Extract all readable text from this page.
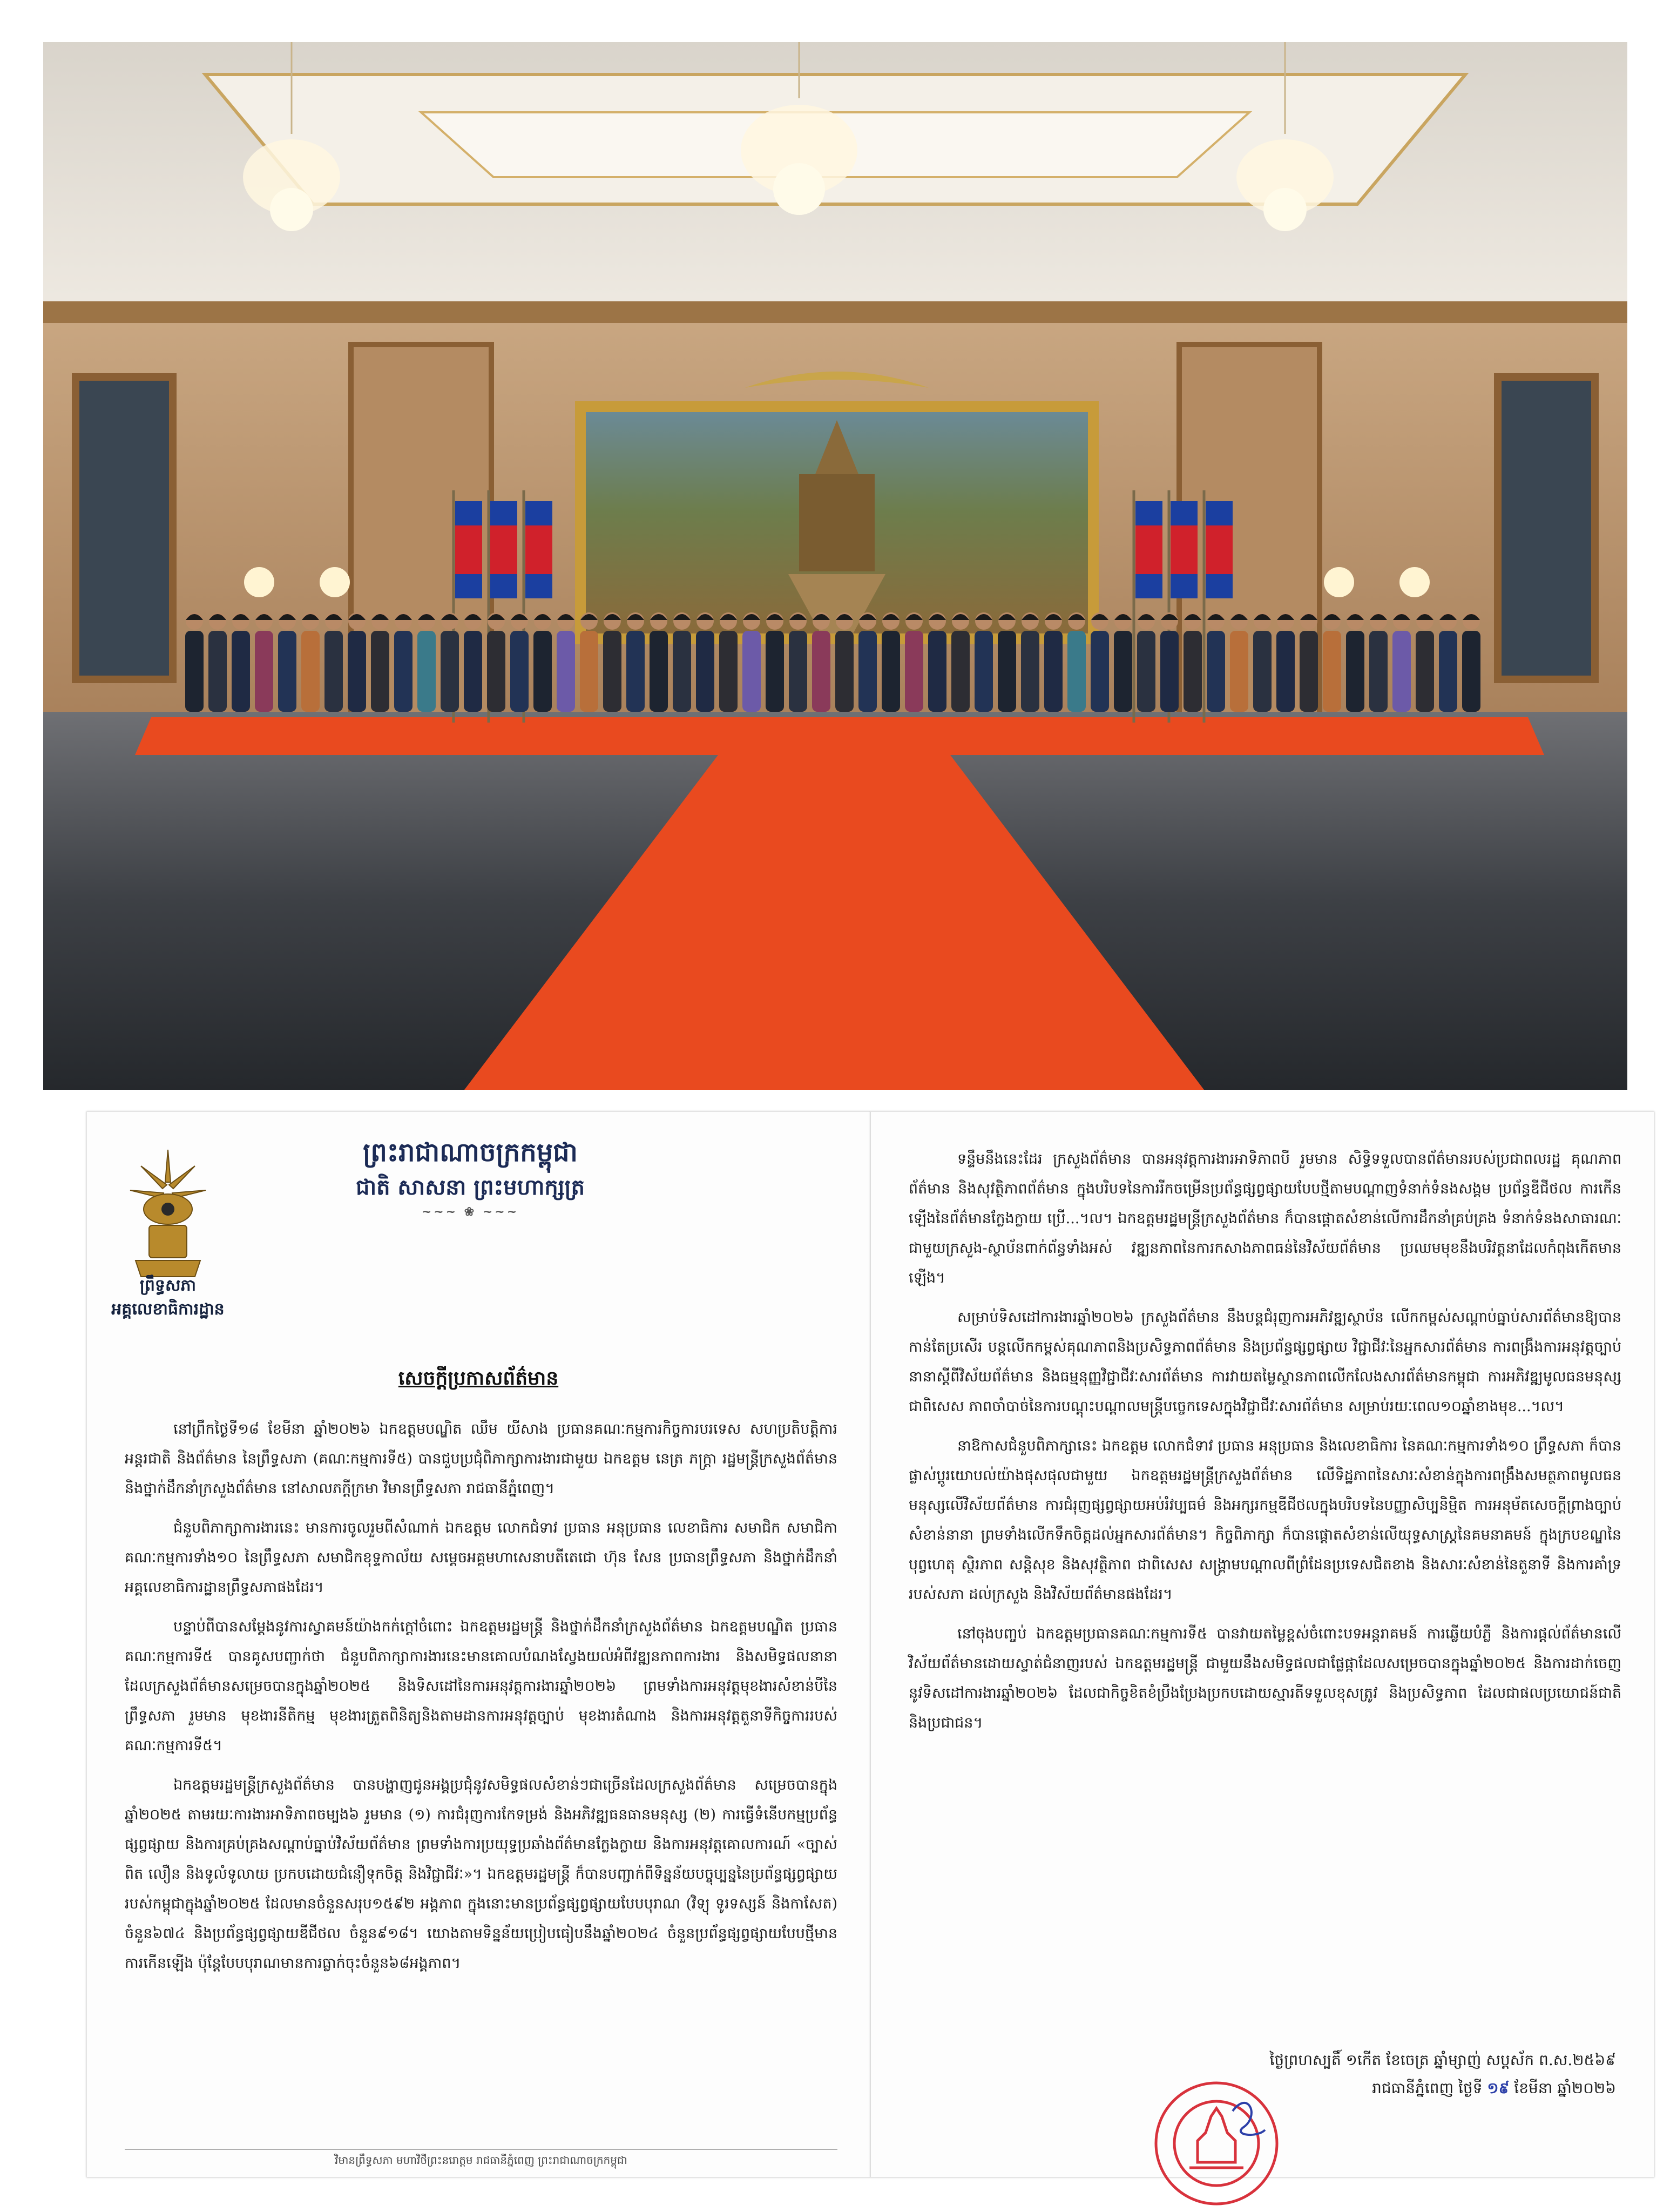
ព្រឹទ្ធសភា
អគ្គលេខាធិការដ្ឋាន
ព្រះរាជាណាចក្រកម្ពុជា
ជាតិ សាសនា ព្រះមហាក្សត្រ
~~~ ❀ ~~~
សេចក្តីប្រកាសព័ត៌មាន

នៅព្រឹកថ្ងៃទី១៨ ខែមីនា ឆ្នាំ២០២៦ ឯកឧត្តមបណ្ឌិត ឈឹម យីសាង ប្រធានគណៈកម្មការកិច្ចការបរទេស សហប្រតិបត្តិការអន្តរជាតិ និងព័ត៌មាន នៃព្រឹទ្ធសភា (គណៈកម្មការទី៥) បានជួបប្រជុំពិភាក្សាការងារជាមួយ ឯកឧត្តម នេត្រ ភក្ត្រា រដ្ឋមន្ត្រីក្រសួងព័ត៌មាន និងថ្នាក់ដឹកនាំក្រសួងព័ត៌មាន នៅសាលភក្តីក្រមា វិមានព្រឹទ្ធសភា រាជធានីភ្នំពេញ។

ជំនួបពិភាក្សាការងារនេះ មានការចូលរួមពីសំណាក់ ឯកឧត្តម លោកជំទាវ ប្រធាន អនុប្រធាន លេខាធិការ សមាជិក សមាជិកាគណៈកម្មការទាំង១០ នៃព្រឹទ្ធសភា សមាជិកខុទ្ទកាល័យ សម្តេចអគ្គមហាសេនាបតីតេជោ ហ៊ុន សែន ប្រធានព្រឹទ្ធសភា និងថ្នាក់ដឹកនាំអគ្គលេខាធិការដ្ឋានព្រឹទ្ធសភាផងដែរ។

បន្ទាប់ពីបានសម្តែងនូវការស្វាគមន៍យ៉ាងកក់ក្តៅចំពោះ ឯកឧត្តមរដ្ឋមន្ត្រី និងថ្នាក់ដឹកនាំក្រសួងព័ត៌មាន ឯកឧត្តមបណ្ឌិត ប្រធានគណៈកម្មការទី៥ បានគូសបញ្ជាក់ថា ជំនួបពិភាក្សាការងារនេះមានគោលបំណងស្វែងយល់អំពីវឌ្ឍនភាពការងារ និងសមិទ្ធផលនានា ដែលក្រសួងព័ត៌មានសម្រេចបានក្នុងឆ្នាំ២០២៥ និងទិសដៅនៃការអនុវត្តការងារឆ្នាំ២០២៦ ព្រមទាំងការអនុវត្តមុខងារសំខាន់បីនៃព្រឹទ្ធសភា រួមមាន មុខងារនីតិកម្ម មុខងារត្រួតពិនិត្យនិងតាមដានការអនុវត្តច្បាប់ មុខងារតំណាង និងការអនុវត្តតួនាទីកិច្ចការរបស់គណៈកម្មការទី៥។

ឯកឧត្តមរដ្ឋមន្ត្រីក្រសួងព័ត៌មាន បានបង្ហាញជូនអង្គប្រជុំនូវសមិទ្ធផលសំខាន់ៗជាច្រើនដែលក្រសួងព័ត៌មាន សម្រេចបានក្នុងឆ្នាំ២០២៥ តាមរយៈការងារអាទិភាពចម្បង៦ រួមមាន (១) ការជំរុញការកែទម្រង់ និងអភិវឌ្ឍធនធានមនុស្ស (២) ការធ្វើទំនើបកម្មប្រព័ន្ធផ្សព្វផ្សាយ និងការគ្រប់គ្រងសណ្តាប់ធ្នាប់វិស័យព័ត៌មាន ព្រមទាំងការប្រយុទ្ធប្រឆាំងព័ត៌មានក្លែងក្លាយ និងការអនុវត្តគោលការណ៍ «ច្បាស់ ពិត លឿន និងទូលំទូលាយ ប្រកបដោយជំនឿទុកចិត្ត និងវិជ្ជាជីវៈ»។ ឯកឧត្តមរដ្ឋមន្ត្រី ក៏បានបញ្ជាក់ពីទិន្នន័យបច្ចុប្បន្ននៃប្រព័ន្ធផ្សព្វផ្សាយរបស់កម្ពុជាក្នុងឆ្នាំ២០២៥ ដែលមានចំនួនសរុប១៥៩២ អង្គភាព ក្នុងនោះមានប្រព័ន្ធផ្សព្វផ្សាយបែបបុរាណ (វិទ្យុ ទូរទស្សន៍ និងកាសែត) ចំនួន៦៧៤ និងប្រព័ន្ធផ្សព្វផ្សាយឌីជីថល ចំនួន៩១៨។ យោងតាមទិន្នន័យប្រៀបធៀបនឹងឆ្នាំ២០២៤ ចំនួនប្រព័ន្ធផ្សព្វផ្សាយបែបថ្មីមានការកើនឡើង ប៉ុន្តែបែបបុរាណមានការធ្លាក់ចុះចំនួន៦៨អង្គភាព។

វិមានព្រឹទ្ធសភា មហាវិថីព្រះនរោត្តម រាជធានីភ្នំពេញ ព្រះរាជាណាចក្រកម្ពុជា

ទន្ទឹមនឹងនេះដែរ ក្រសួងព័ត៌មាន បានអនុវត្តការងារអាទិភាពបី រួមមាន សិទ្ធិទទួលបានព័ត៌មានរបស់ប្រជាពលរដ្ឋ គុណភាពព័ត៌មាន និងសុវត្ថិភាពព័ត៌មាន ក្នុងបរិបទនៃការរីកចម្រើនប្រព័ន្ធផ្សព្វផ្សាយបែបថ្មីតាមបណ្តាញទំនាក់ទំនងសង្គម ប្រព័ន្ធឌីជីថល ការកើនឡើងនៃព័ត៌មានក្លែងក្លាយ ប្រើ...។ល។ ឯកឧត្តមរដ្ឋមន្ត្រីក្រសួងព័ត៌មាន ក៏បានផ្តោតសំខាន់លើការដឹកនាំគ្រប់គ្រង ទំនាក់ទំនងសាធារណៈជាមួយក្រសួង-ស្ថាប័នពាក់ព័ន្ធទាំងអស់ វឌ្ឍនភាពនៃការកសាងភាពធន់នៃវិស័យព័ត៌មាន ប្រឈមមុខនឹងបរិវត្តនាដែលកំពុងកើតមានឡើង។

សម្រាប់ទិសដៅការងារឆ្នាំ២០២៦ ក្រសួងព័ត៌មាន នឹងបន្តជំរុញការអភិវឌ្ឍស្ថាប័ន លើកកម្ពស់សណ្តាប់ធ្នាប់សារព័ត៌មានឱ្យបានកាន់តែប្រសើរ បន្តលើកកម្ពស់គុណភាពនិងប្រសិទ្ធភាពព័ត៌មាន និងប្រព័ន្ធផ្សព្វផ្សាយ វិជ្ជាជីវៈនៃអ្នកសារព័ត៌មាន ការពង្រឹងការអនុវត្តច្បាប់នានាស្តីពីវិស័យព័ត៌មាន និងធម្មនុញ្ញវិជ្ជាជីវៈសារព័ត៌មាន ការវាយតម្លៃស្ថានភាពលើកលែងសារព័ត៌មានកម្ពុជា ការអភិវឌ្ឍមូលធនមនុស្ស ជាពិសេស ភាពចាំបាច់នៃការបណ្តុះបណ្តាលមន្ត្រីបច្ចេកទេសក្នុងវិជ្ជាជីវៈសារព័ត៌មាន សម្រាប់រយៈពេល១០ឆ្នាំខាងមុខ...។ល។

នាឱកាសជំនួបពិភាក្សានេះ ឯកឧត្តម លោកជំទាវ ប្រធាន អនុប្រធាន និងលេខាធិការ នៃគណៈកម្មការទាំង១០ ព្រឹទ្ធសភា ក៏បានផ្លាស់ប្តូរយោបល់យ៉ាងផុសផុលជាមួយ ឯកឧត្តមរដ្ឋមន្ត្រីក្រសួងព័ត៌មាន លើទិដ្ឋភាពនៃសារៈសំខាន់ក្នុងការពង្រឹងសមត្ថភាពមូលធនមនុស្សលើវិស័យព័ត៌មាន ការជំរុញផ្សព្វផ្សាយអប់រំវប្បធម៌ និងអក្សរកម្មឌីជីថលក្នុងបរិបទនៃបញ្ញាសិប្បនិម្មិត ការអនុម័តសេចក្តីព្រាងច្បាប់សំខាន់នានា ព្រមទាំងលើកទឹកចិត្តដល់អ្នកសារព័ត៌មាន។ កិច្ចពិភាក្សា ក៏បានផ្តោតសំខាន់លើយុទ្ធសាស្ត្រនៃគមនាគមន៍ ក្នុងក្របខណ្ឌនៃបុព្វហេតុ ស្ថិរភាព សន្តិសុខ និងសុវត្ថិភាព ជាពិសេស សង្គ្រាមបណ្តាលពីព្រំដែនប្រទេសជិតខាង និងសារៈសំខាន់នៃតួនាទី និងការគាំទ្ររបស់សភា ដល់ក្រសួង និងវិស័យព័ត៌មានផងដែរ។

នៅចុងបញ្ចប់ ឯកឧត្តមប្រធានគណៈកម្មការទី៥ បានវាយតម្លៃខ្ពស់ចំពោះបទអន្តរាគមន៍ ការឆ្លើយបំភ្លឺ និងការផ្តល់ព័ត៌មានលើវិស័យព័ត៌មានដោយស្ទាត់ជំនាញរបស់ ឯកឧត្តមរដ្ឋមន្ត្រី ជាមួយនឹងសមិទ្ធផលជាផ្លែផ្កាដែលសម្រេចបានក្នុងឆ្នាំ២០២៥ និងការដាក់ចេញនូវទិសដៅការងារឆ្នាំ២០២៦ ដែលជាកិច្ចខិតខំប្រឹងប្រែងប្រកបដោយស្មារតីទទួលខុសត្រូវ និងប្រសិទ្ធភាព ដែលជាផលប្រយោជន៍ជាតិ និងប្រជាជន។

ថ្ងៃព្រហស្បតិ៍ ១កើត ខែចេត្រ ឆ្នាំម្សាញ់ សប្តស័ក ព.ស.២៥៦៩
រាជធានីភ្នំពេញ ថ្ងៃទី ១៩ ខែមីនា ឆ្នាំ២០២៦
